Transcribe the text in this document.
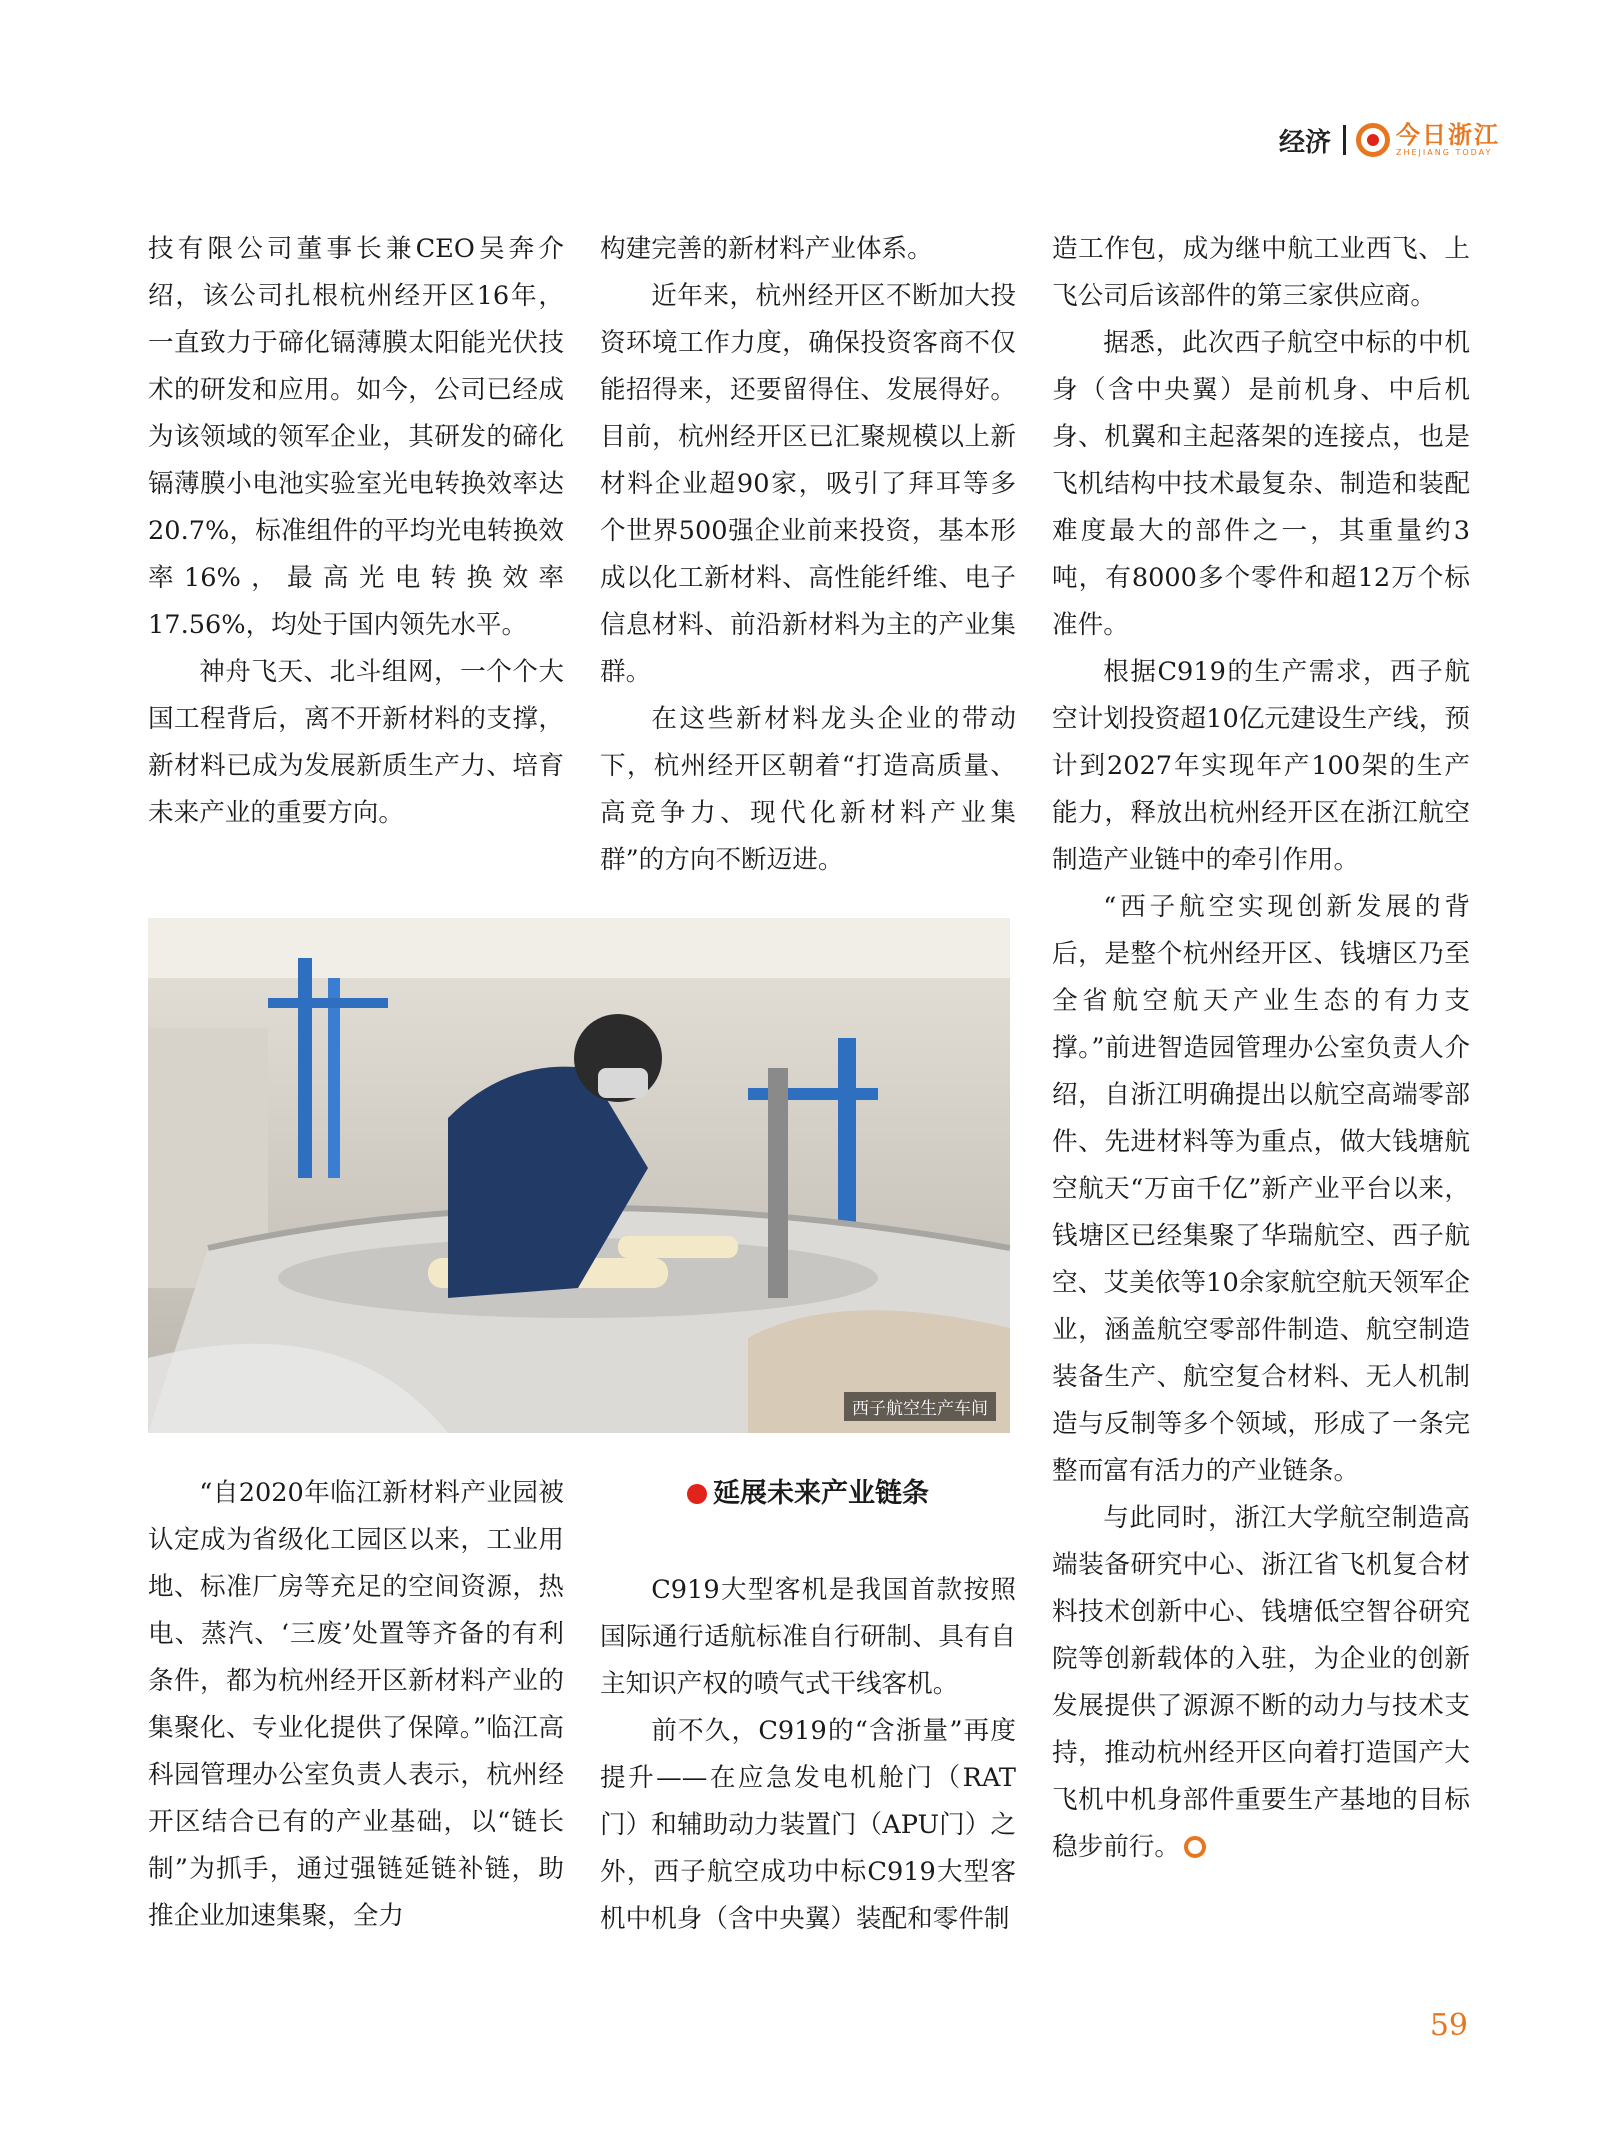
经济	今日浙江
ZHEJIANG TODAY

技有限公司董事长兼CEO吴奔介绍，该公司扎根杭州经开区16年，一直致力于碲化镉薄膜太阳能光伏技术的研发和应用。如今，公司已经成为该领域的领军企业，其研发的碲化镉薄膜小电池实验室光电转换效率达20.7%，标准组件的平均光电转换效率16%，最高光电转换效率17.56%，均处于国内领先水平。

神舟飞天、北斗组网，一个个大国工程背后，离不开新材料的支撑，新材料已成为发展新质生产力、培育未来产业的重要方向。

构建完善的新材料产业体系。

近年来，杭州经开区不断加大投资环境工作力度，确保投资客商不仅能招得来，还要留得住、发展得好。目前，杭州经开区已汇聚规模以上新材料企业超90家，吸引了拜耳等多个世界500强企业前来投资，基本形成以化工新材料、高性能纤维、电子信息材料、前沿新材料为主的产业集群。

在这些新材料龙头企业的带动下，杭州经开区朝着“打造高质量、高竞争力、现代化新材料产业集群”的方向不断迈进。

造工作包，成为继中航工业西飞、上飞公司后该部件的第三家供应商。

据悉，此次西子航空中标的中机身（含中央翼）是前机身、中后机身、机翼和主起落架的连接点，也是飞机结构中技术最复杂、制造和装配难度最大的部件之一，其重量约3吨，有8000多个零件和超12万个标准件。

根据C919的生产需求，西子航空计划投资超10亿元建设生产线，预计到2027年实现年产100架的生产能力，释放出杭州经开区在浙江航空制造产业链中的牵引作用。

“西子航空实现创新发展的背后，是整个杭州经开区、钱塘区乃至全省航空航天产业生态的有力支撑。”前进智造园管理办公室负责人介绍，自浙江明确提出以航空高端零部件、先进材料等为重点，做大钱塘航空航天“万亩千亿”新产业平台以来，钱塘区已经集聚了华瑞航空、西子航空、艾美依等10余家航空航天领军企业，涵盖航空零部件制造、航空制造装备生产、航空复合材料、无人机制造与反制等多个领域，形成了一条完整而富有活力的产业链条。

与此同时，浙江大学航空制造高端装备研究中心、浙江省飞机复合材料技术创新中心、钱塘低空智谷研究院等创新载体的入驻，为企业的创新发展提供了源源不断的动力与技术支持，推动杭州经开区向着打造国产大飞机中机身部件重要生产基地的目标稳步前行。

西子航空生产车间

“自2020年临江新材料产业园被认定成为省级化工园区以来，工业用地、标准厂房等充足的空间资源，热电、蒸汽、‘三废’处置等齐备的有利条件，都为杭州经开区新材料产业的集聚化、专业化提供了保障。”临江高科园管理办公室负责人表示，杭州经开区结合已有的产业基础，以“链长制”为抓手，通过强链延链补链，助推企业加速集聚，全力

延展未来产业链条

C919大型客机是我国首款按照国际通行适航标准自行研制、具有自主知识产权的喷气式干线客机。

前不久，C919的“含浙量”再度提升——在应急发电机舱门（RAT门）和辅助动力装置门（APU门）之外，西子航空成功中标C919大型客机中机身（含中央翼）装配和零件制

59
